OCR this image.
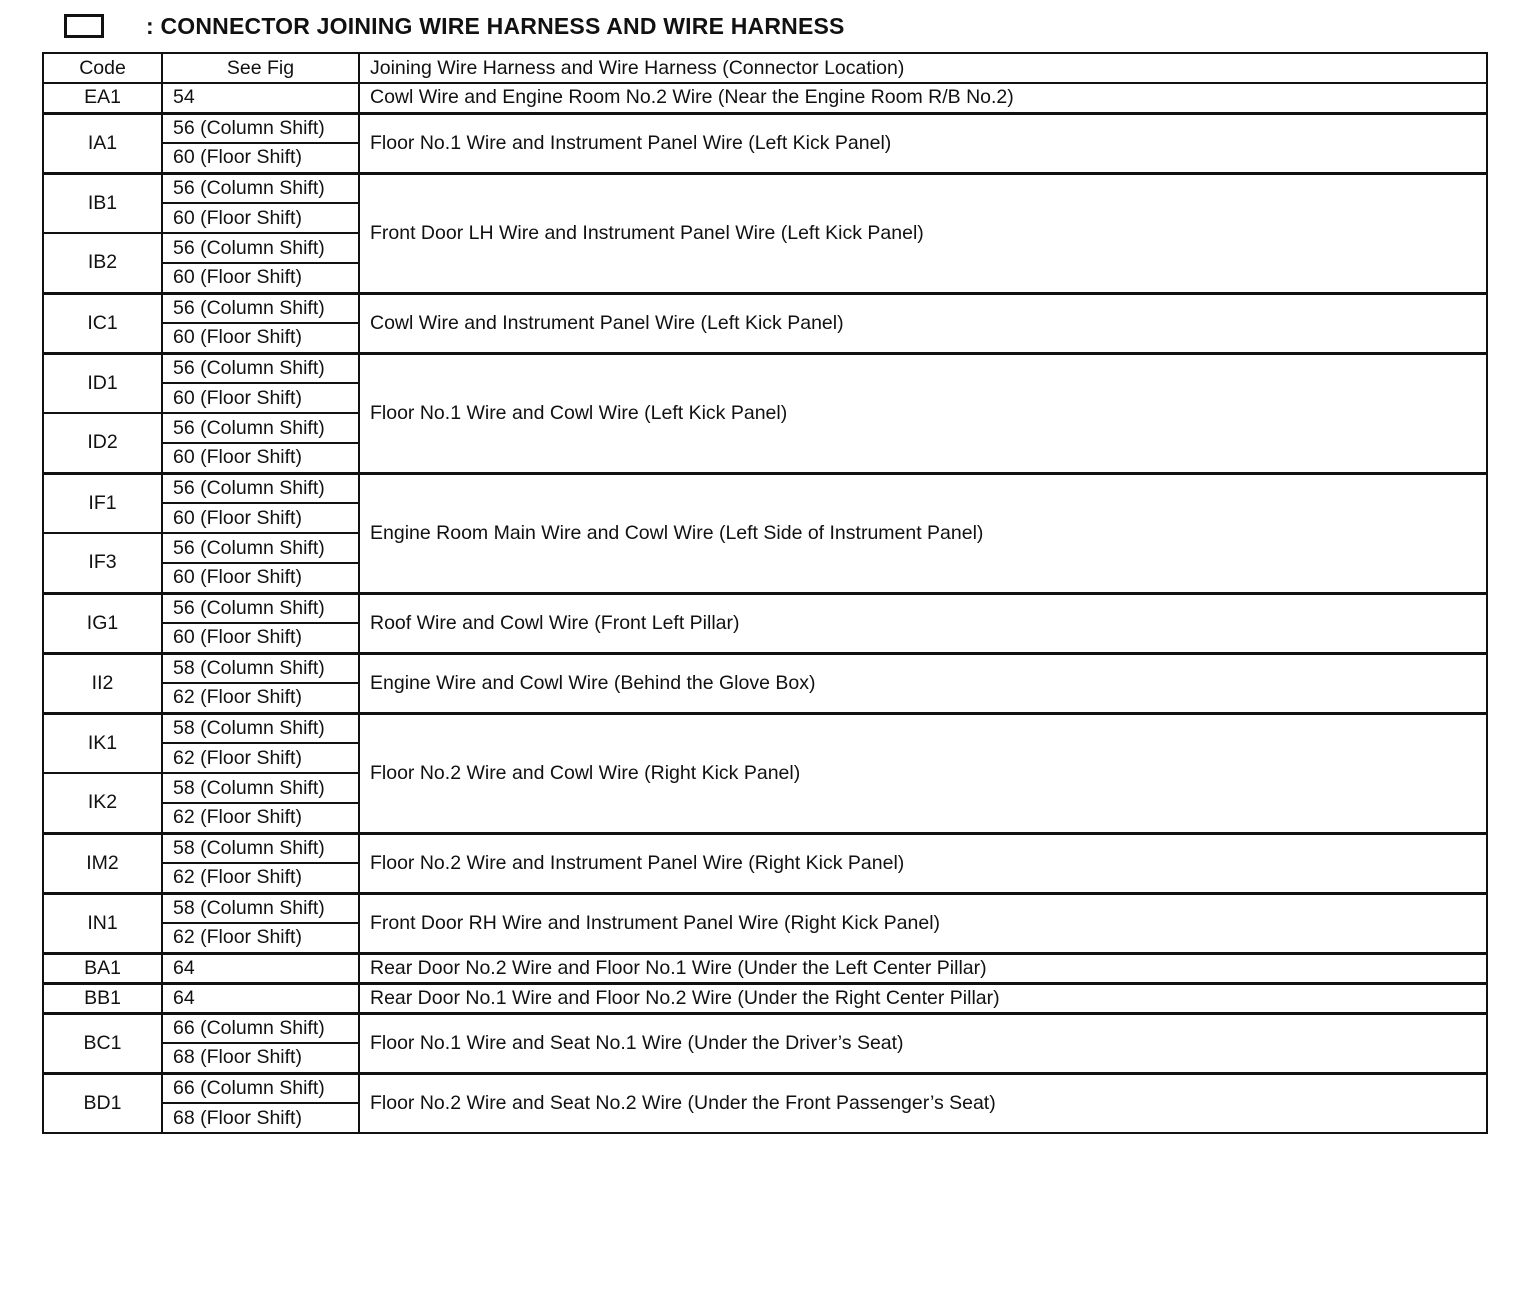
: CONNECTOR JOINING WIRE HARNESS AND WIRE HARNESS
Code	See Fig	Joining Wire Harness and Wire Harness (Connector Location)
EA1	54	Cowl Wire and Engine Room No.2 Wire (Near the Engine Room R/B No.2)
IA1	56 (Column Shift)	Floor No.1 Wire and Instrument Panel Wire (Left Kick Panel)
	60 (Floor Shift)	
IB1	56 (Column Shift)	Front Door LH Wire and Instrument Panel Wire (Left Kick Panel)
	60 (Floor Shift)	
IB2	56 (Column Shift)	
	60 (Floor Shift)	
IC1	56 (Column Shift)	Cowl Wire and Instrument Panel Wire (Left Kick Panel)
	60 (Floor Shift)	
ID1	56 (Column Shift)	Floor No.1 Wire and Cowl Wire (Left Kick Panel)
	60 (Floor Shift)	
ID2	56 (Column Shift)	
	60 (Floor Shift)	
IF1	56 (Column Shift)	Engine Room Main Wire and Cowl Wire (Left Side of Instrument Panel)
	60 (Floor Shift)	
IF3	56 (Column Shift)	
	60 (Floor Shift)	
IG1	56 (Column Shift)	Roof Wire and Cowl Wire (Front Left Pillar)
	60 (Floor Shift)	
II2	58 (Column Shift)	Engine Wire and Cowl Wire (Behind the Glove Box)
	62 (Floor Shift)	
IK1	58 (Column Shift)	Floor No.2 Wire and Cowl Wire (Right Kick Panel)
	62 (Floor Shift)	
IK2	58 (Column Shift)	
	62 (Floor Shift)	
IM2	58 (Column Shift)	Floor No.2 Wire and Instrument Panel Wire (Right Kick Panel)
	62 (Floor Shift)	
IN1	58 (Column Shift)	Front Door RH Wire and Instrument Panel Wire (Right Kick Panel)
	62 (Floor Shift)	
BA1	64	Rear Door No.2 Wire and Floor No.1 Wire (Under the Left Center Pillar)
BB1	64	Rear Door No.1 Wire and Floor No.2 Wire (Under the Right Center Pillar)
BC1	66 (Column Shift)	Floor No.1 Wire and Seat No.1 Wire (Under the Driver’s Seat)
	68 (Floor Shift)	
BD1	66 (Column Shift)	Floor No.2 Wire and Seat No.2 Wire (Under the Front Passenger’s Seat)
	68 (Floor Shift)	
